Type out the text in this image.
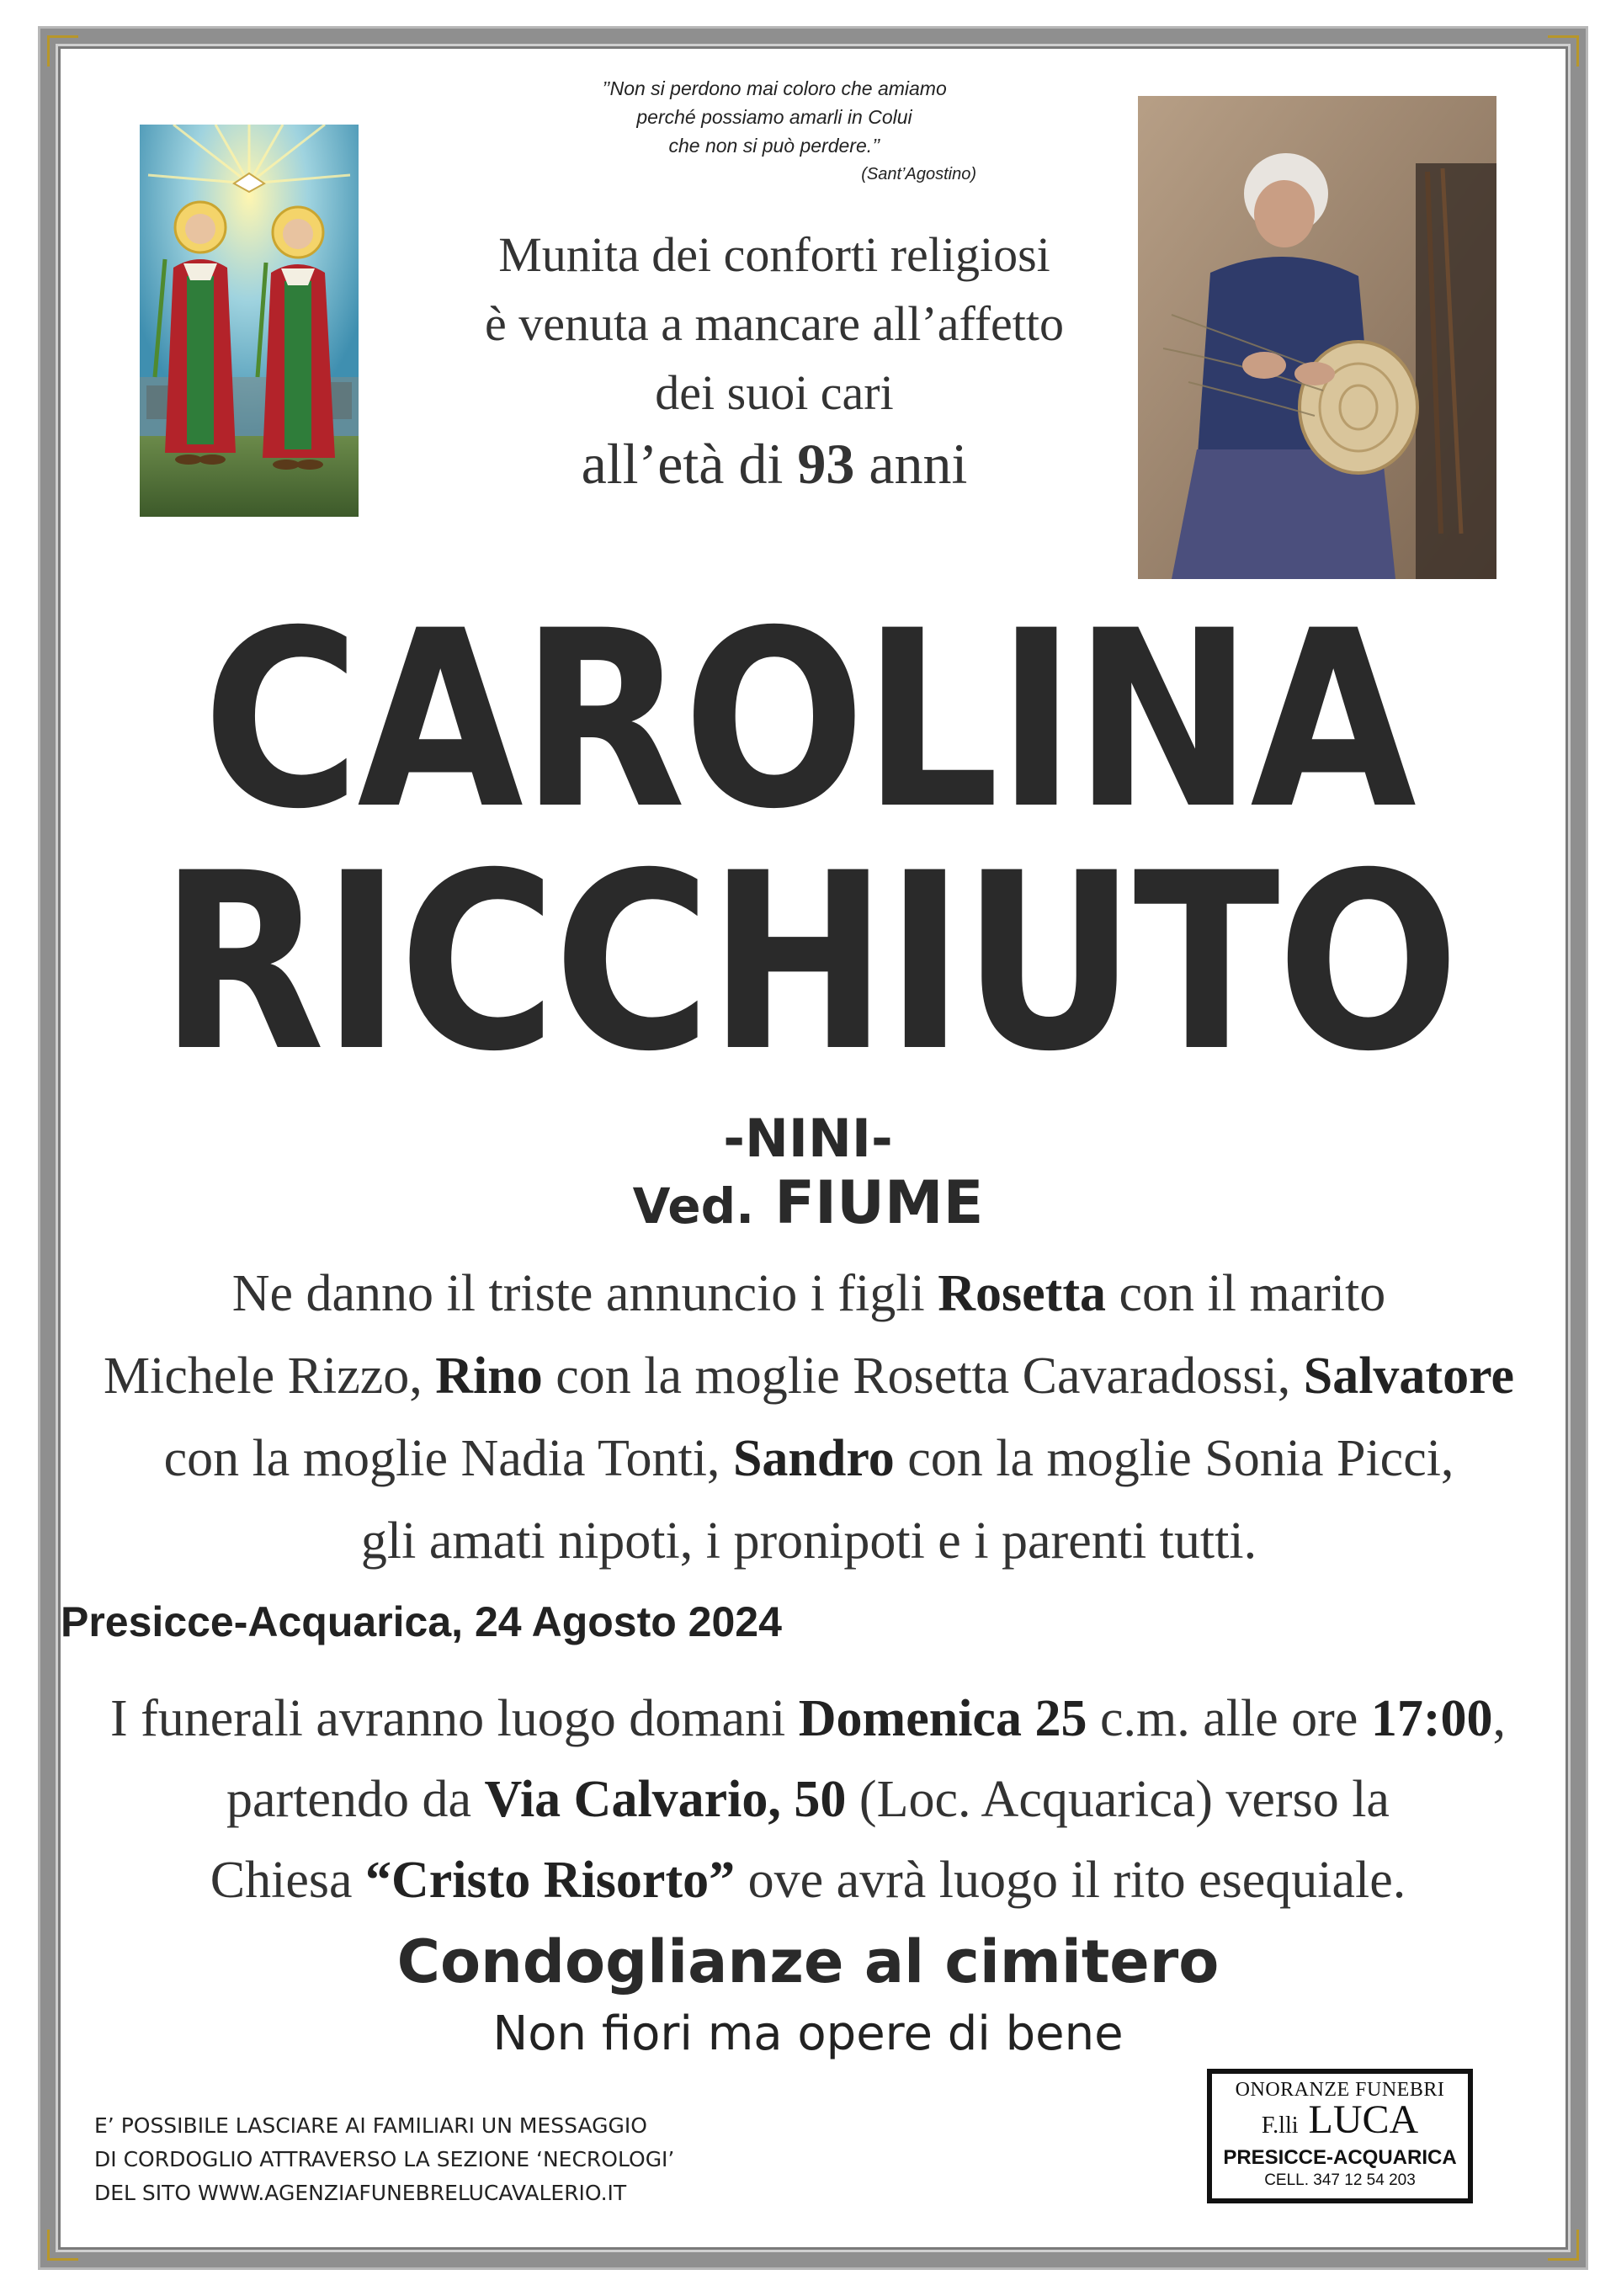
’’Non si perdono mai coloro che amiamo
perché possiamo amarli in Colui
che non si può perdere.’’
(Sant’Agostino)
Munita dei conforti religiosi
è venuta a mancare all’affetto
dei suoi cari
all’età di 93 anni
CAROLINA
RICCHIUTO
-NINI-
Ved. FIUME
Ne danno il triste annuncio i figli Rosetta con il marito
Michele Rizzo, Rino con la moglie Rosetta Cavaradossi, Salvatore
con la moglie Nadia Tonti, Sandro con la moglie Sonia Picci,
gli amati nipoti, i pronipoti e i parenti tutti.
Presicce-Acquarica, 24 Agosto 2024
I funerali avranno luogo domani Domenica 25 c.m. alle ore 17:00,
partendo da Via Calvario, 50 (Loc. Acquarica) verso la
Chiesa “Cristo Risorto” ove avrà luogo il rito esequiale.
Condoglianze al cimitero
Non fiori ma opere di bene
E’ POSSIBILE LASCIARE AI FAMILIARI UN MESSAGGIO
DI CORDOGLIO ATTRAVERSO LA SEZIONE ‘NECROLOGI’
DEL SITO WWW.AGENZIAFUNEBRELUCAVALERIO.IT
ONORANZE FUNEBRI
F.lli LUCA
PRESICCE-ACQUARICA
CELL. 347 12 54 203
